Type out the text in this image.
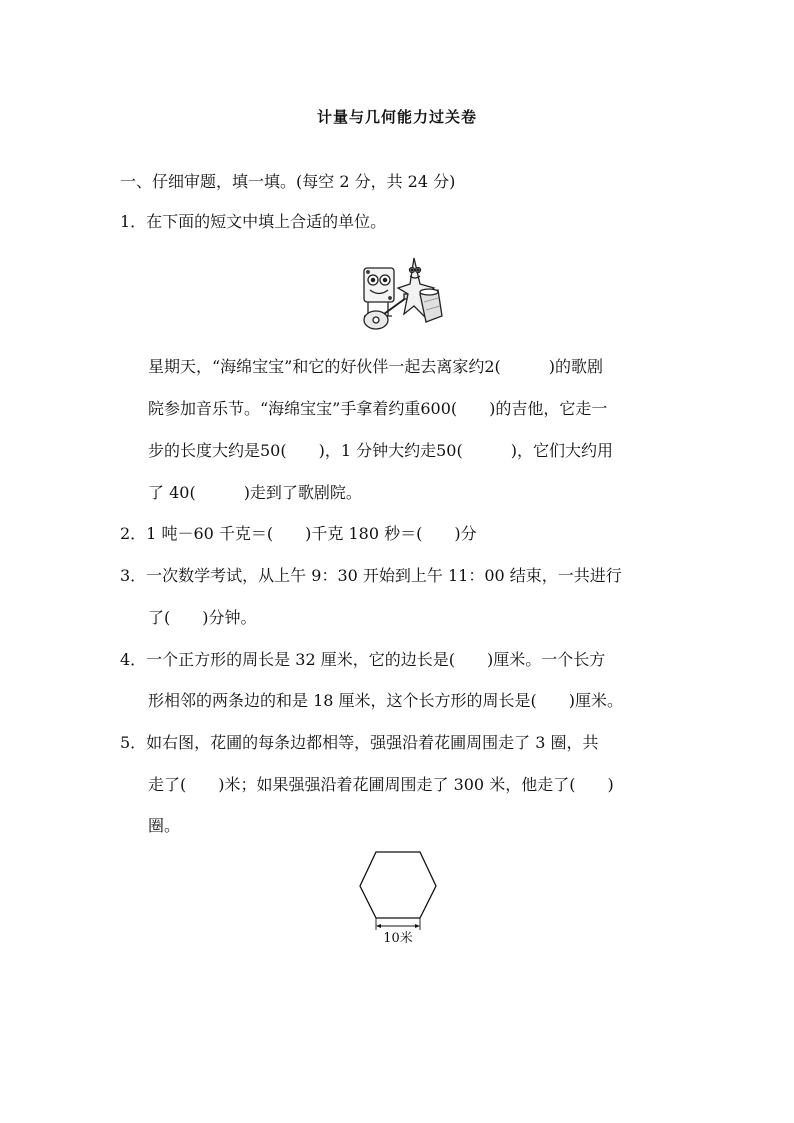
计量与几何能力过关卷
一、仔细审题，填一填。(每空 2 分，共 24 分)
1．在下面的短文中填上合适的单位。
星期天，“海绵宝宝”和它的好伙伴一起去离家约2(　　　)的歌剧
院参加音乐节。“海绵宝宝”手拿着约重600(　　)的吉他，它走一
步的长度大约是50(　　)，1 分钟大约走50(　　　)，它们大约用
了 40(　　　)走到了歌剧院。
2．1 吨－60 千克＝(　　)千克 180 秒＝(　　)分
3．一次数学考试，从上午 9：30 开始到上午 11：00 结束，一共进行
了(　　)分钟。
4．一个正方形的周长是 32 厘米，它的边长是(　　)厘米。一个长方
形相邻的两条边的和是 18 厘米，这个长方形的周长是(　　)厘米。
5．如右图，花圃的每条边都相等，强强沿着花圃周围走了 3 圈，共
走了(　　)米；如果强强沿着花圃周围走了 300 米，他走了(　　)
圈。
10米
